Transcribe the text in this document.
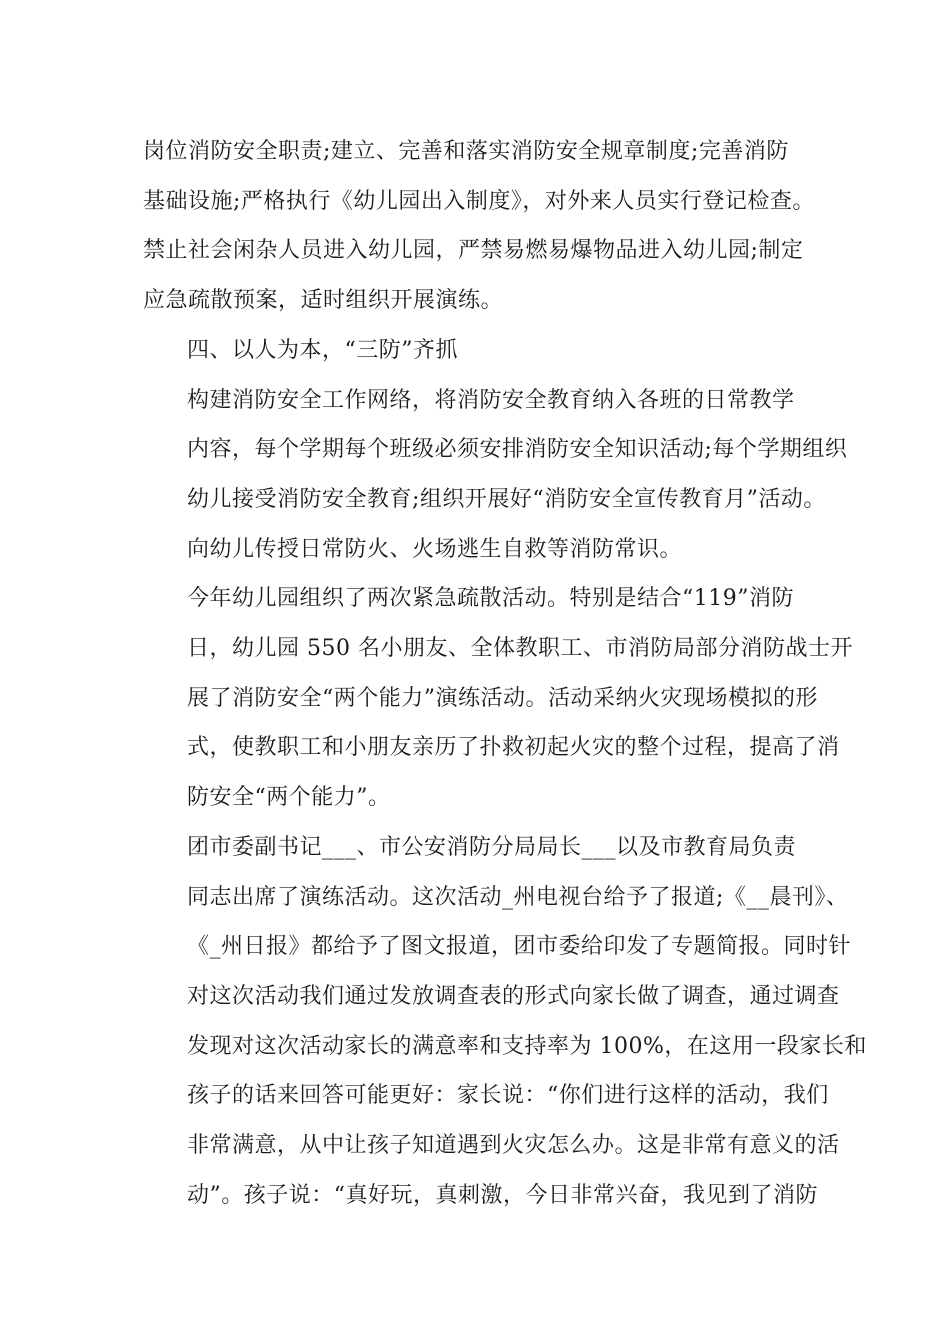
岗位消防安全职责;建立、完善和落实消防安全规章制度;完善消防
基础设施;严格执行《幼儿园出入制度》，对外来人员实行登记检查。
禁止社会闲杂人员进入幼儿园，严禁易燃易爆物品进入幼儿园;制定
应急疏散预案，适时组织开展演练。
四、以人为本，“三防”齐抓
构建消防安全工作网络，将消防安全教育纳入各班的日常教学
内容，每个学期每个班级必须安排消防安全知识活动;每个学期组织
幼儿接受消防安全教育;组织开展好“消防安全宣传教育月”活动。
向幼儿传授日常防火、火场逃生自救等消防常识。
今年幼儿园组织了两次紧急疏散活动。特别是结合“119”消防
日，幼儿园 550 名小朋友、全体教职工、市消防局部分消防战士开
展了消防安全“两个能力”演练活动。活动采纳火灾现场模拟的形
式，使教职工和小朋友亲历了扑救初起火灾的整个过程，提高了消
防安全“两个能力”。
团市委副书记___、市公安消防分局局长___以及市教育局负责
同志出席了演练活动。这次活动_州电视台给予了报道;《__晨刊》、
《_州日报》都给予了图文报道，团市委给印发了专题简报。同时针
对这次活动我们通过发放调查表的形式向家长做了调查，通过调查
发现对这次活动家长的满意率和支持率为 100%，在这用一段家长和
孩子的话来回答可能更好：家长说：“你们进行这样的活动，我们
非常满意，从中让孩子知道遇到火灾怎么办。这是非常有意义的活
动”。孩子说：“真好玩，真刺激，今日非常兴奋，我见到了消防
